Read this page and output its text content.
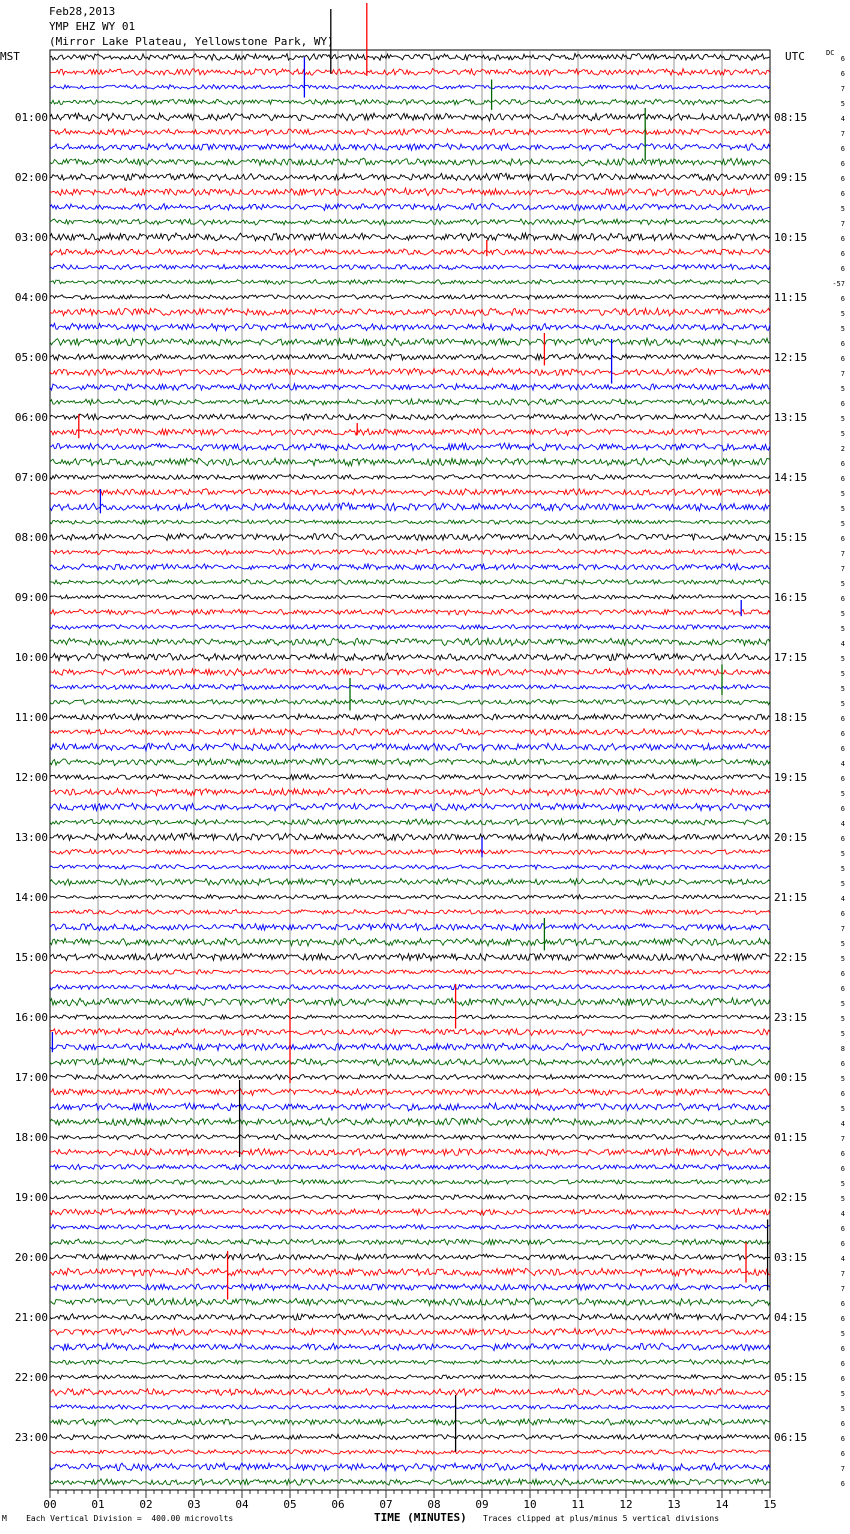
Feb28,2013
YMP EHZ WY 01
(Mirror Lake Plateau, Yellowstone Park, WY)
01:00
02:00
03:00
04:00
05:00
06:00
07:00
08:00
09:00
10:00
11:00
12:00
13:00
14:00
15:00
16:00
17:00
18:00
19:00
20:00
21:00
22:00
23:00
08:15
09:15
10:15
11:15
12:15
13:15
14:15
15:15
16:15
17:15
18:15
19:15
20:15
21:15
22:15
23:15
00:15
01:15
02:15
03:15
04:15
05:15
06:15
6
6
7
5
4
7
6
6
6
6
5
7
6
6
6
-57
6
5
5
6
6
7
5
6
5
5
2
6
6
5
5
5
6
7
7
5
6
5
5
4
5
5
5
5
6
6
6
4
6
5
6
4
6
5
5
5
4
6
7
5
5
6
6
5
5
5
8
6
5
6
5
4
7
6
6
5
5
4
6
6
4
7
7
6
6
5
6
6
6
5
5
6
6
6
7
6
00	01	02	03	04	05	06	07	08	09	10	11	12	13	14	15
MST	UTC	DC
TIME (MINUTES)
M Each Vertical Division =  400.00 microvolts	Traces clipped at plus/minus 5 vertical divisions
